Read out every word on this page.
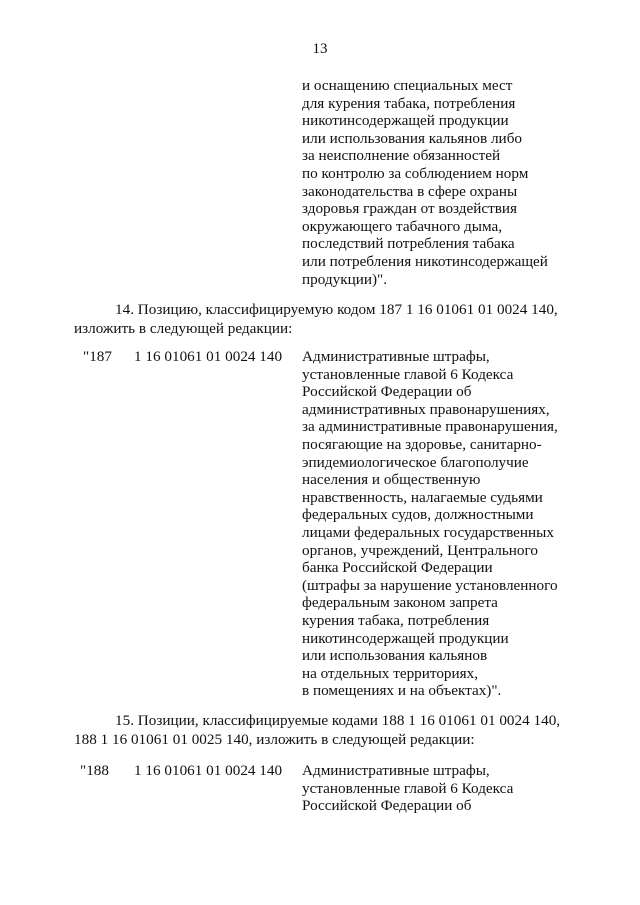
13
и оснащению специальных мест
для курения табака, потребления
никотинсодержащей продукции
или использования кальянов либо
за неисполнение обязанностей
по контролю за соблюдением норм
законодательства в сфере охраны
здоровья граждан от воздействия
окружающего табачного дыма,
последствий потребления табака
или потребления никотинсодержащей
продукции)".
14. Позицию, классифицируемую кодом 187 1 16 01061 01 0024 140,
изложить в следующей редакции:
"187 1 16 01061 01 0024 140 Административные штрафы,
установленные главой 6 Кодекса
Российской Федерации об
административных правонарушениях,
за административные правонарушения,
посягающие на здоровье, санитарно-
эпидемиологическое благополучие
населения и общественную
нравственность, налагаемые судьями
федеральных судов, должностными
лицами федеральных государственных
органов, учреждений, Центрального
банка Российской Федерации
(штрафы за нарушение установленного
федеральным законом запрета
курения табака, потребления
никотинсодержащей продукции
или использования кальянов
на отдельных территориях,
в помещениях и на объектах)".
15. Позиции, классифицируемые кодами 188 1 16 01061 01 0024 140,
188 1 16 01061 01 0025 140, изложить в следующей редакции:
"188 1 16 01061 01 0024 140 Административные штрафы,
установленные главой 6 Кодекса
Российской Федерации об
